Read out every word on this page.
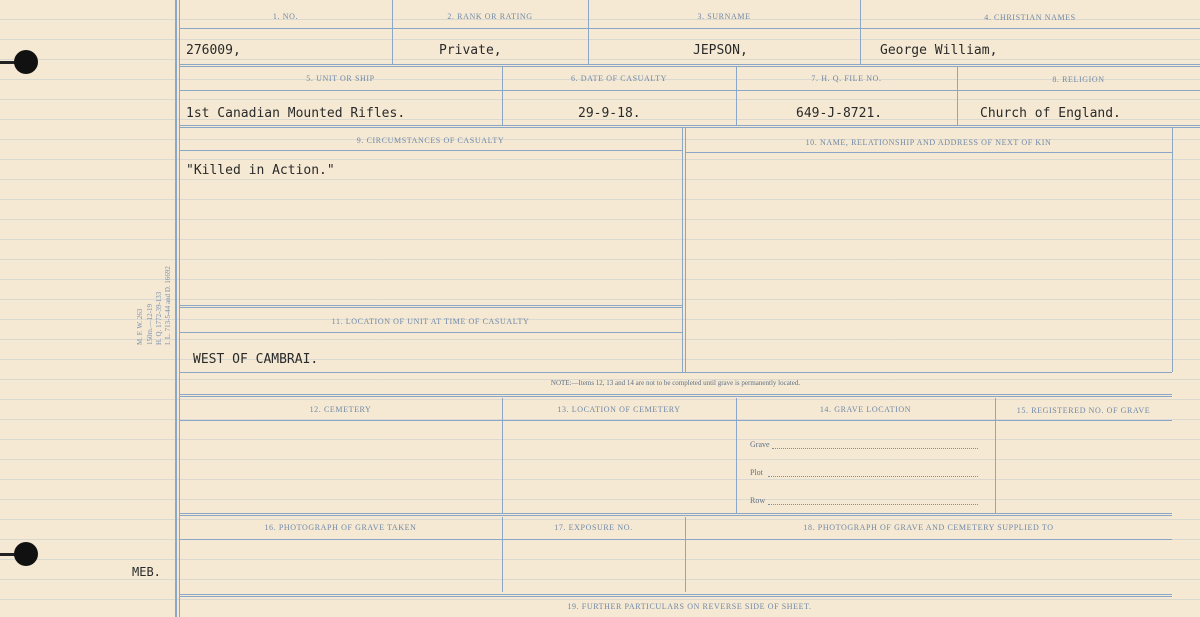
M. F. W. 263 150m.—12-19 H. Q. 1772-39-133 I. L. 713-5-44 and D. 16692
MEB.
1. NO.	2. RANK OR RATING	3. SURNAME	4. CHRISTIAN NAMES
276009,	Private,	JEPSON,	George William,
5. UNIT OR SHIP	6. DATE OF CASUALTY	7. H. Q. FILE NO.	8. RELIGION
1st Canadian Mounted Rifles.	29-9-18.	649-J-8721.	Church of England.
9. CIRCUMSTANCES OF CASUALTY	10. NAME, RELATIONSHIP AND ADDRESS OF NEXT OF KIN
"Killed in Action."
11. LOCATION OF UNIT AT TIME OF CASUALTY
WEST OF CAMBRAI.
NOTE:—Items 12, 13 and 14 are not to be completed until grave is permanently located.
12. CEMETERY	13. LOCATION OF CEMETERY	14. GRAVE LOCATION	15. REGISTERED NO. OF GRAVE
Grave
Plot
Row
16. PHOTOGRAPH OF GRAVE TAKEN	17. EXPOSURE NO.	18. PHOTOGRAPH OF GRAVE AND CEMETERY SUPPLIED TO
19. FURTHER PARTICULARS ON REVERSE SIDE OF SHEET.
